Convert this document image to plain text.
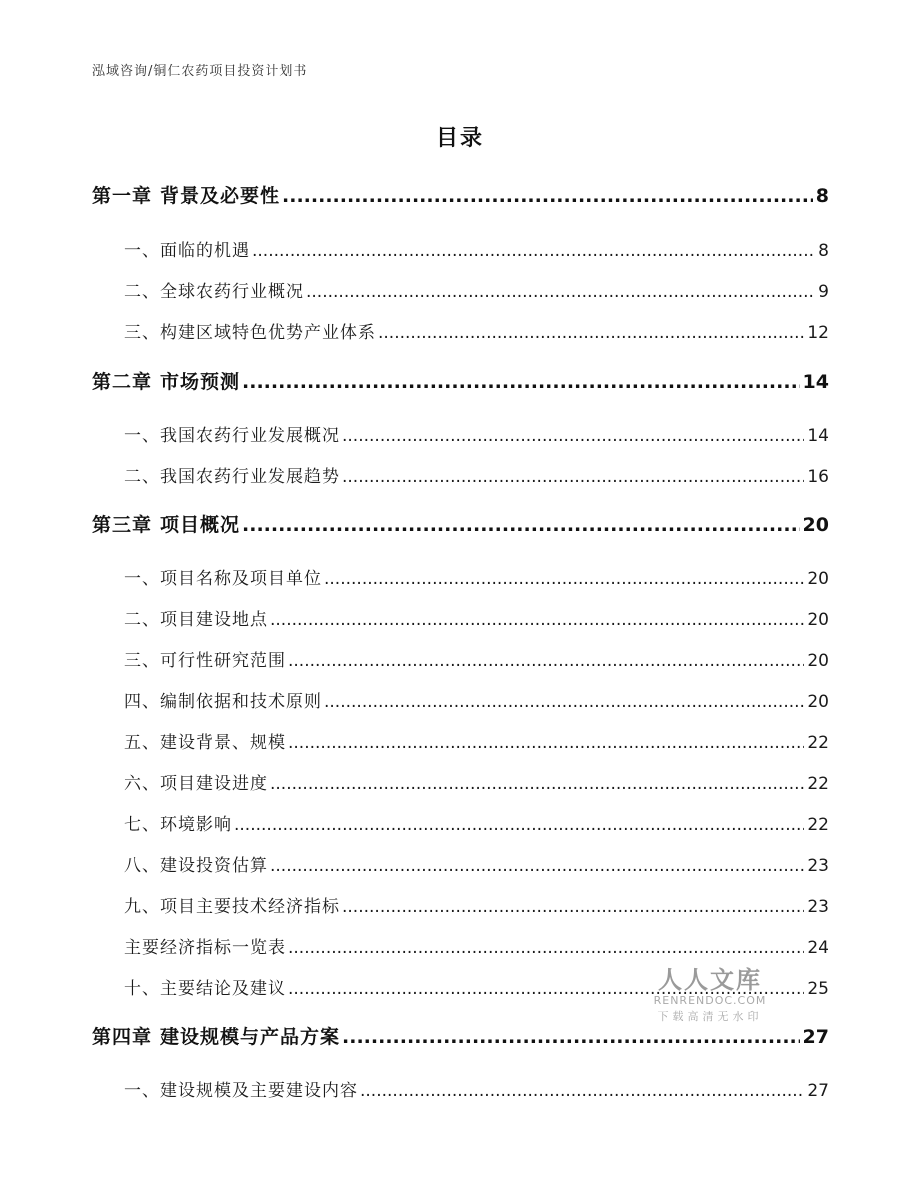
泓域咨询/铜仁农药项目投资计划书
目录
第一章 背景及必要性 .....	8
一、 面临的机遇 .....	8
二、 全球农药行业概况 .....	9
三、 构建区域特色优势产业体系 .....	12
第二章 市场预测 .....	14
一、 我国农药行业发展概况 .....	14
二、 我国农药行业发展趋势 .....	16
第三章 项目概况 .....	20
一、 项目名称及项目单位 .....	20
二、 项目建设地点 .....	20
三、 可行性研究范围 .....	20
四、 编制依据和技术原则 .....	20
五、 建设背景、规模 .....	22
六、 项目建设进度 .....	22
七、 环境影响 .....	22
八、 建设投资估算 .....	23
九、 项目主要技术经济指标 .....	23
主要经济指标一览表 .....	24
十、 主要结论及建议 .....	25
第四章 建设规模与产品方案 .....	27
一、 建设规模及主要建设内容 .....	27
人人文库
RENRENDOC.COM
下载高清无水印
